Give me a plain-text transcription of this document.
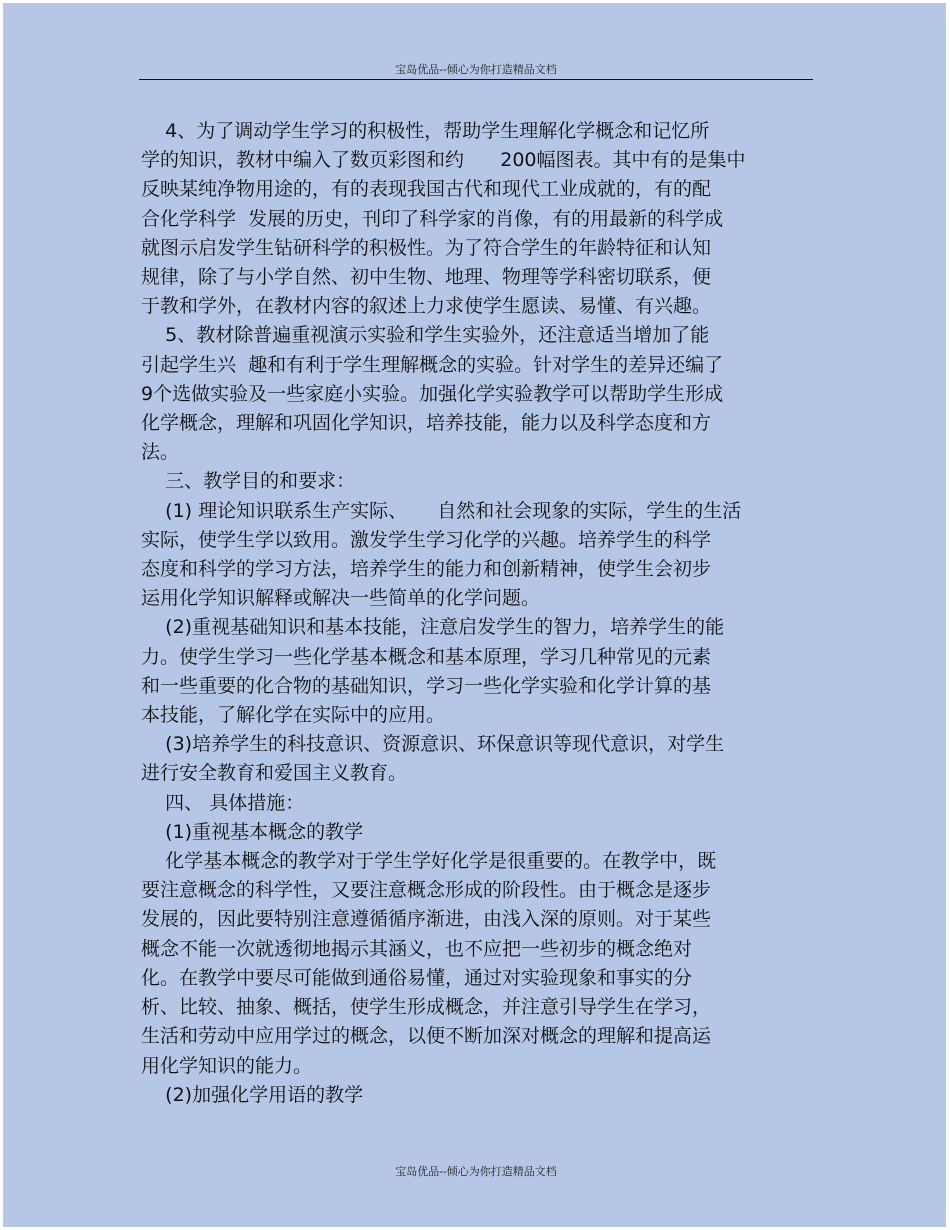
宝岛优品--倾心为你打造精品文档

4、为了调动学生学习的积极性，帮助学生理解化学概念和记忆所

学的知识，教材中编入了数页彩图和约      200幅图表。其中有的是集中

反映某纯净物用途的，有的表现我国古代和现代工业成就的，有的配

合化学科学  发展的历史，刊印了科学家的肖像，有的用最新的科学成

就图示启发学生钻研科学的积极性。为了符合学生的年龄特征和认知

规律，除了与小学自然、初中生物、地理、物理等学科密切联系，便

于教和学外，在教材内容的叙述上力求使学生愿读、易懂、有兴趣。

5、教材除普遍重视演示实验和学生实验外，还注意适当增加了能

引起学生兴  趣和有利于学生理解概念的实验。针对学生的差异还编了

9个选做实验及一些家庭小实验。加强化学实验教学可以帮助学生形成

化学概念，理解和巩固化学知识，培养技能，能力以及科学态度和方

法。

三、教学目的和要求：

(1) 理论知识联系生产实际、     自然和社会现象的实际，学生的生活

实际，使学生学以致用。激发学生学习化学的兴趣。培养学生的科学

态度和科学的学习方法，培养学生的能力和创新精神，使学生会初步

运用化学知识解释或解决一些简单的化学问题。

(2)重视基础知识和基本技能，注意启发学生的智力，培养学生的能

力。使学生学习一些化学基本概念和基本原理，学习几种常见的元素

和一些重要的化合物的基础知识，学习一些化学实验和化学计算的基

本技能，了解化学在实际中的应用。

(3)培养学生的科技意识、资源意识、环保意识等现代意识，对学生

进行安全教育和爱国主义教育。

四、 具体措施：

(1)重视基本概念的教学

化学基本概念的教学对于学生学好化学是很重要的。在教学中，既

要注意概念的科学性，又要注意概念形成的阶段性。由于概念是逐步

发展的，因此要特别注意遵循循序渐进，由浅入深的原则。对于某些

概念不能一次就透彻地揭示其涵义，也不应把一些初步的概念绝对

化。在教学中要尽可能做到通俗易懂，通过对实验现象和事实的分

析、比较、抽象、概括，使学生形成概念，并注意引导学生在学习，

生活和劳动中应用学过的概念，以便不断加深对概念的理解和提高运

用化学知识的能力。

(2)加强化学用语的教学

宝岛优品--倾心为你打造精品文档
